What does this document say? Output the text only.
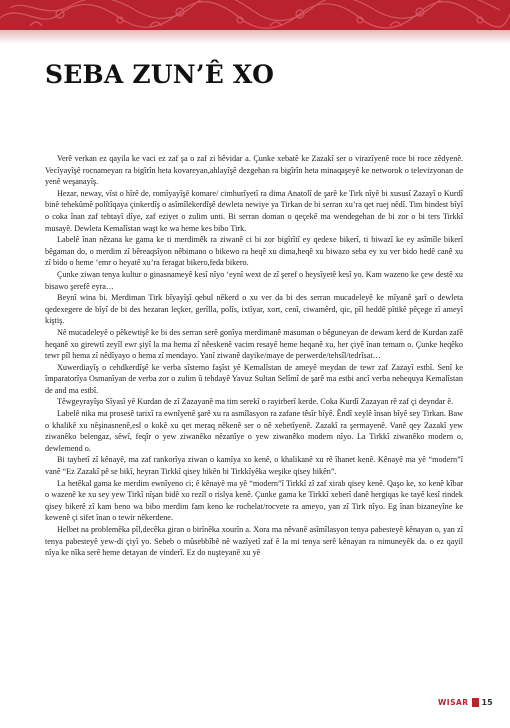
SEBA ZUN’Ê XO

Verê verkan ez qayila ke vaci ez zaf şa o zaf zi hêvidar a. Çunke xebatê ke Zazakî ser o virazîyenê roce bi roce zêdyenê. Vecîyayîşê rocnameyan ra bigîrîn heta kovareyan,ahlayîşê dezgehan ra bigîrîn heta minaqaşeyê ke networok o televizyonan de yenê weşanayîş.

Hezar, neway, vîst o hîrê de, romîyayîşê komare/ cimhurîyetî ra dima Anatolî de şarê ke Tirk nîyê bi xususî Zazayî o Kurdî binê tehekûmê polîtîqaya çinkerdîş o asîmîlekerdîşê dewleta newiye ya Tirkan de bi serran xu’ra qet ruej nêdî. Tim bindest bîyî o coka înan zaf tehtayî dîye, zaf eziyet o zulim unti. Bi serran doman o qeçekê ma wendegehan de bi zor o bi ters Tirkkî musayê. Dewleta Kemalîstan waşt ke wa heme kes bibo Tirk.

Labelê înan nêzana ke gama ke ti merdimêk ra ziwanê ci bi zor bigîrîtî ey qedexe bikerî, ti biwazî ke ey asîmîle bikerî bêgaman do, o merdim zî bêreaqsîyon nêbimano o bikewo ra heqê xu dima,heqê xu biwazo seba ey xu ver bido hedê canê xu zî bido o heme ‘emr o heyatê xu’ra feragat bikero,feda bikero.

Çunke ziwan tenya kultur o ginasnameyê kesî nîyo ‘eynî wext de zî şeref o heysîyetê kesî yo. Kam wazeno ke çew destê xu bisawo şerefê eyra…

Beynî wina bi. Merdiman Tirk bîyayîşî qebul nêkerd o xu ver da bi des serran mucadeleyê ke mîyanê şarî o dewleta qedexegere de bîyî de bi des hezaran leçker, gerîlla, polîs, ixtîyar, xort, cenî, ciwamêrd, qic, pîl heddê pîtikê pêçege zî ameyî kiştiş.

Nê mucadeleyê o pêkewtişê ke bi des serran serê gonîya merdimanê masuman o bêguneyan de dewam kerd de Kurdan zafê heqanê xo girewtî zeyîl ewr şiyî la ma hema zî nêeskenê vacim resayê heme heqanê xu, her çiyê înan temam o. Çunke heqêko tewr pîl hema zî nêdîyayo o hema zî mendayo. Yanî ziwanê dayike/maye de perwerde/tehsîl/tedrîsat…

Xuwerdiayîş o cehdkerdîşê ke verba sîstemo faşîst yê Kemalîstan de ameyê meydan de tewr zaf Zazayî estbî. Senî ke împaratorîya Osmanîyan de verba zor o zulim û tehdayê Yavuz Sultan Selîmî de şarê ma estbi ancî verba nehequya Kemalîstan de and ma estbî.

Têwgeyrayîşo Sîyasî yê Kurdan de zî Zazayanê ma tim serekî o rayirberî kerde. Coka Kurdî Zazayan rê zaf çi deyndar ê.

Labelê nika ma prosesê tarixî ra ewnîyenê şarê xu ra asmîlasyon ra zafane têsîr bîyê. Êndî xeylê însan bîyê sey Tirkan. Baw o khalikê xu nêşinasnenê,esl o kokê xu qet meraq nêkenê ser o nê xebetîyenê. Zazakî ra şermayenê. Vanê qey Zazakî yew ziwanêko belengaz, sêwî, feqîr o yew ziwanêko nêzanîye o yew ziwanêko modern nîyo. La Tirkkî ziwanêko modern o, dewlemend o.

Bi taybetî zî kênayê, ma zaf rankorîya ziwan o kamîya xo kenê, o khalikanê xu rê îhanet kenê. Kênayê ma yê “modern”î vanê “Ez Zazakî pê se bikî, heyran Tirkkî qisey bikên bi Tirkkîyêka weşike qisey bikên”.

La hetêkal gama ke merdim ewnîyeno ci; ê kênayê ma yê “modern”î Tirkkî zî zaf xirab qisey kenê. Qaşo ke, xo kenê kîbar o wazenê ke xu sey yew Tirkî nîşan bidê xo rezîl o rislya kenê. Çunke gama ke Tirkkî xeberî danê hergiqas ke tayê kesî rindek qisey bikerê zî kam beno wa bibo merdim fam keno ke rochelat/rocvete ra ameyo, yan zî Tirk nîyo. Eg înan bizaneyîne ke kewenê çi sifet înan o tewir nêkerdene.

Helbet na problemêka pîl,decêka giran o birînêka xourîn a. Xora ma nêvanê asîmîlasyon tenya pabesteyê kênayan o, yan zî tenya pabesteyê yew-di çiyî yo. Sebeb o mûsebbîbê nê wazîyetî zaf ê la mi tenya serê kênayan ra nimuneyêk da. o ez qayil nîya ke nîka serê heme detayan de vinderî. Ez do nuşteyanê xu yê

WISAR 15
